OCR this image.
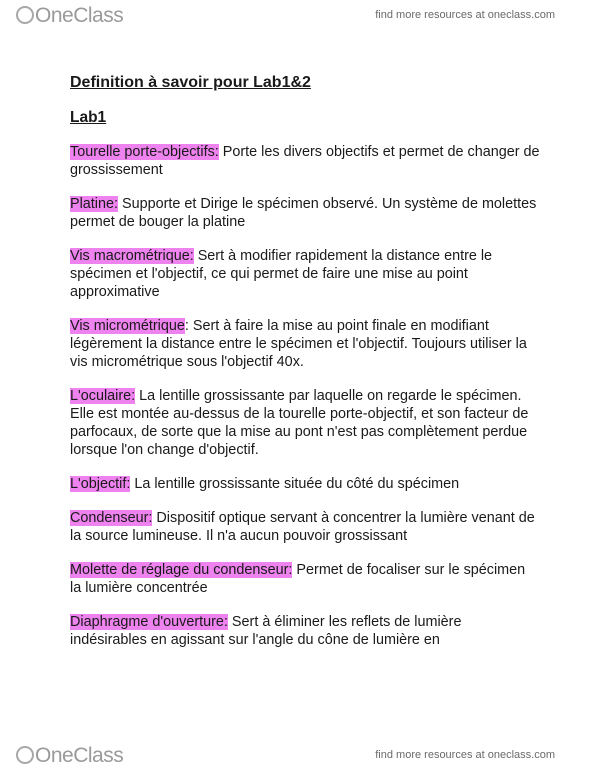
OneClass	find more resources at oneclass.com
Definition à savoir pour Lab1&2
Lab1

Tourelle porte-objectifs: Porte les divers objectifs et permet de changer de grossissement

Platine: Supporte et Dirige le spécimen observé. Un système de molettes permet de bouger la platine

Vis macrométrique: Sert à modifier rapidement la distance entre le spécimen et l'objectif, ce qui permet de faire une mise au point approximative

Vis micrométrique: Sert à faire la mise au point finale en modifiant légèrement la distance entre le spécimen et l'objectif. Toujours utiliser la vis micrométrique sous l'objectif 40x.

L'oculaire: La lentille grossissante par laquelle on regarde le spécimen. Elle est montée au-dessus de la tourelle porte-objectif, et son facteur de parfocaux, de sorte que la mise au pont n'est pas complètement perdue lorsque l'on change d'objectif.

L'objectif: La lentille grossissante située du côté du spécimen

Condenseur: Dispositif optique servant à concentrer la lumière venant de la source lumineuse. Il n'a aucun pouvoir grossissant

Molette de réglage du condenseur: Permet de focaliser sur le spécimen la lumière concentrée

Diaphragme d'ouverture: Sert à éliminer les reflets de lumière indésirables en agissant sur l'angle du cône de lumière en

OneClass	find more resources at oneclass.com
